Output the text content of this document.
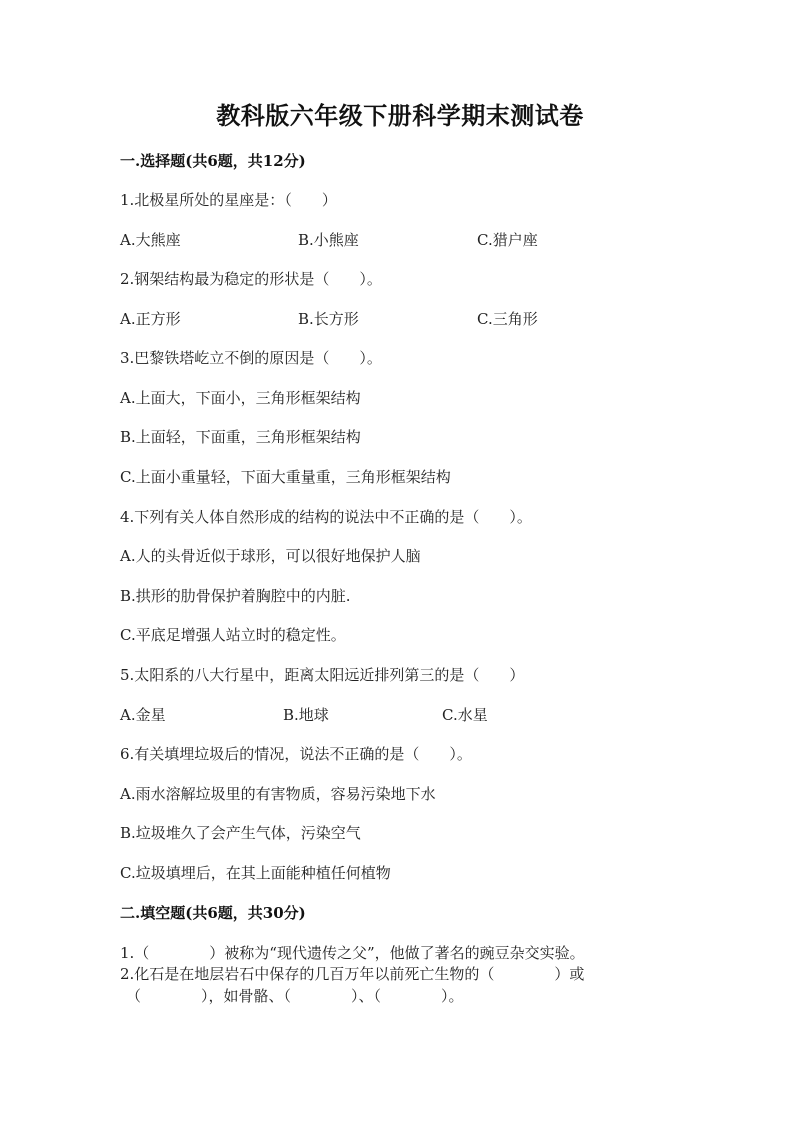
教科版六年级下册科学期末测试卷
一.选择题(共6题，共12分)
1.北极星所处的星座是：（　　）
A.大熊座	B.小熊座	C.猎户座
2.钢架结构最为稳定的形状是（　　）。
A.正方形	B.长方形	C.三角形
3.巴黎铁塔屹立不倒的原因是（　　）。
A.上面大，下面小，三角形框架结构
B.上面轻，下面重，三角形框架结构
C.上面小重量轻，下面大重量重，三角形框架结构
4.下列有关人体自然形成的结构的说法中不正确的是（　　）。
A.人的头骨近似于球形，可以很好地保护人脑
B.拱形的肋骨保护着胸腔中的内脏.
C.平底足增强人站立时的稳定性。
5.太阳系的八大行星中，距离太阳远近排列第三的是（　　）
A.金星	B.地球	C.水星
6.有关填埋垃圾后的情况，说法不正确的是（　　）。
A.雨水溶解垃圾里的有害物质，容易污染地下水
B.垃圾堆久了会产生气体，污染空气
C.垃圾填埋后，在其上面能种植任何植物
二.填空题(共6题，共30分)
1.（　　　　）被称为“现代遗传之父”，他做了著名的豌豆杂交实验。
2.化石是在地层岩石中保存的几百万年以前死亡生物的（　　　　）或
（　　　　），如骨骼、（　　　　）、（　　　　）。
